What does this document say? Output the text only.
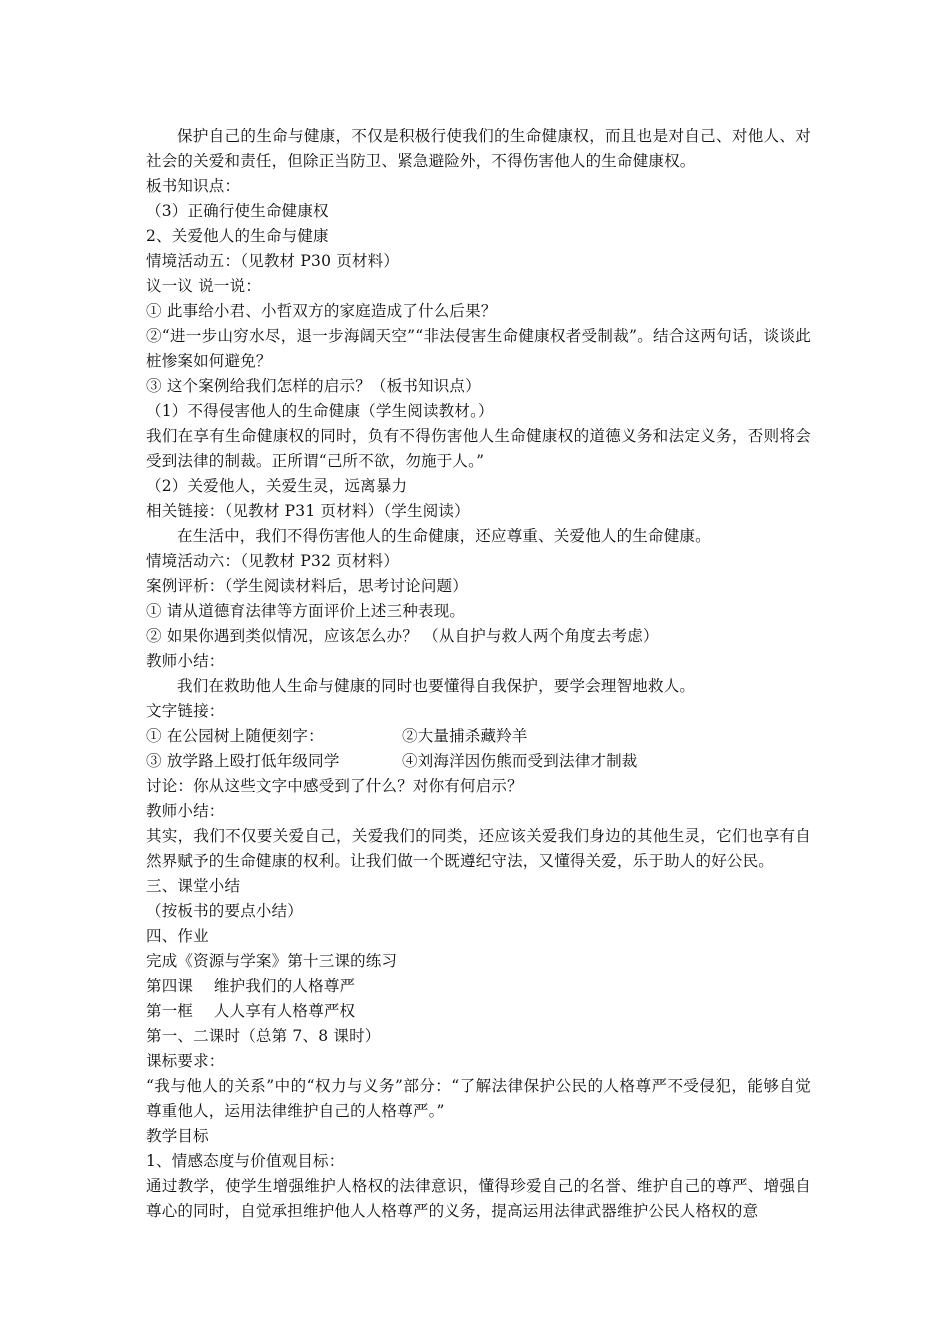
保护自己的生命与健康，不仅是积极行使我们的生命健康权，而且也是对自己、对他人、对社会的关爱和责任，但除正当防卫、紧急避险外，不得伤害他人的生命健康权。

板书知识点：

（3）正确行使生命健康权

2、关爱他人的生命与健康

情境活动五：（见教材 P30 页材料）

议一议 说一说：

① 此事给小君、小哲双方的家庭造成了什么后果？

②“进一步山穷水尽，退一步海阔天空”“非法侵害生命健康权者受制裁”。结合这两句话，谈谈此桩惨案如何避免？

③ 这个案例给我们怎样的启示？（板书知识点）

（1）不得侵害他人的生命健康（学生阅读教材。）

我们在享有生命健康权的同时，负有不得伤害他人生命健康权的道德义务和法定义务，否则将会受到法律的制裁。正所谓“己所不欲，勿施于人。”

（2）关爱他人，关爱生灵，远离暴力

相关链接：（见教材 P31 页材料）（学生阅读）

在生活中，我们不得伤害他人的生命健康，还应尊重、关爱他人的生命健康。

情境活动六：（见教材 P32 页材料）

案例评析：（学生阅读材料后，思考讨论问题）

① 请从道德育法律等方面评价上述三种表现。

② 如果你遇到类似情况，应该怎么办？ （从自护与救人两个角度去考虑）

教师小结：

我们在救助他人生命与健康的同时也要懂得自我保护，要学会理智地救人。

文字链接：

① 在公园树上随便刻字：	②大量捕杀藏羚羊

③ 放学路上殴打低年级同学	④刘海洋因伤熊而受到法律才制裁

讨论：你从这些文字中感受到了什么？对你有何启示？

教师小结：

其实，我们不仅要关爱自己，关爱我们的同类，还应该关爱我们身边的其他生灵，它们也享有自然界赋予的生命健康的权利。让我们做一个既遵纪守法，又懂得关爱，乐于助人的好公民。

三、课堂小结

（按板书的要点小结）

四、作业

完成《资源与学案》第十三课的练习

第四课　 维护我们的人格尊严

第一框　 人人享有人格尊严权

第一、二课时（总第 7、8 课时）

课标要求：

“我与他人的关系”中的“权力与义务”部分：“了解法律保护公民的人格尊严不受侵犯，能够自觉尊重他人，运用法律维护自己的人格尊严。”

教学目标

1、情感态度与价值观目标：

通过教学，使学生增强维护人格权的法律意识，懂得珍爱自己的名誉、维护自己的尊严、增强自尊心的同时，自觉承担维护他人人格尊严的义务，提高运用法律武器维护公民人格权的意
